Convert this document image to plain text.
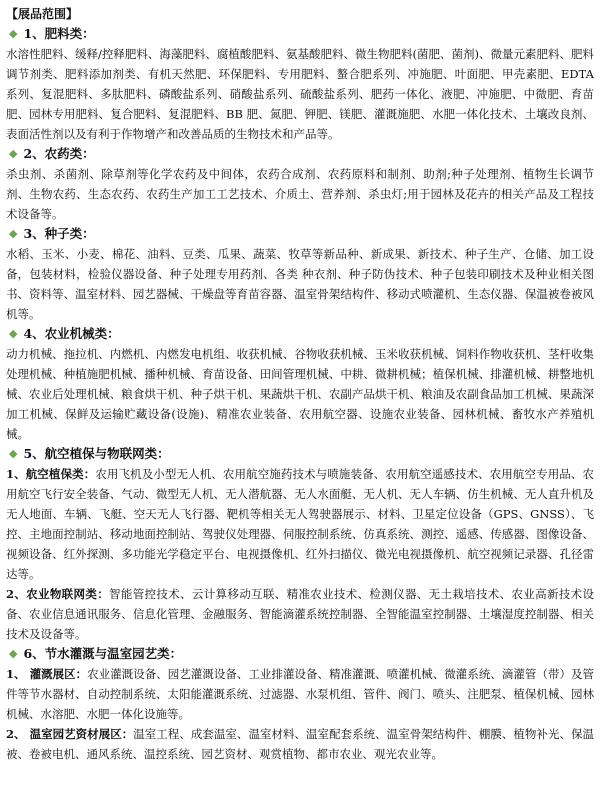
【展品范围】

◆ 1、肥料类：

水溶性肥料、缓释/控释肥料、海藻肥料、腐植酸肥料、氨基酸肥料、微生物肥料(菌肥、菌剂)、微量元素肥料、肥料调节剂类、肥料添加剂类、有机天然肥、环保肥料、专用肥料、螯合肥系列、冲施肥、叶面肥、甲壳素肥、EDTA 系列、复混肥料、多肽肥料、磷酸盐系列、硝酸盐系列、硫酸盐系列、肥药一体化、液肥、冲施肥、中微肥、育苗肥、园林专用肥料、复合肥料、复混肥料、BB 肥、氮肥、钾肥、镁肥、灌溉施肥、水肥一体化技术、土壤改良剂、表面活性剂以及有利于作物增产和改善品质的生物技术和产品等。

◆ 2、农药类：

杀虫剂、杀菌剂、除草剂等化学农药及中间体，农药合成剂、农药原料和制剂、助剂;种子处理剂、植物生长调节剂、生物农药、生态农药、农药生产加工工艺技术、介质土、营养剂、杀虫灯;用于园林及花卉的相关产品及工程技术设备等。

◆ 3、种子类：

水稻、玉米、小麦、棉花、油料、豆类、瓜果、蔬菜、牧草等新品种、新成果、新技术、种子生产、仓储、加工设备，包装材料，检验仪器设备、种子处理专用药剂、各类 种衣剂、种子防伪技术、种子包装印刷技术及种业相关图书、资料等、温室材料、园艺器械、干燥盘等育苗容器、温室骨架结构件、移动式喷灌机、生态仪器、保温被卷被风机等。

◆ 4、农业机械类：

动力机械、拖拉机、内燃机、内燃发电机组、收获机械、谷物收获机械、玉米收获机械、饲料作物收获机、茎杆收集处理机械、种植施肥机械、播种机械、育苗设备、田间管理机械、中耕、微耕机械；植保机械、排灌机械、耕整地机械、农业后处理机械、粮食烘干机、种子烘干机、果蔬烘干机、农副产品烘干机、粮油及农副食品加工机械、果蔬深加工机械、保鲜及运输贮藏设备(设施)、精准农业装备、农用航空器、设施农业装备、园林机械、畜牧水产养殖机械。

◆ 5、航空植保与物联网类：

1、航空植保类：农用飞机及小型无人机、农用航空施药技术与喷施装备、农用航空遥感技术、农用航空专用品、农用航空飞行安全装备、气动、微型无人机、无人潜航器、无人水面艇、无人机、无人车辆、仿生机械、无人直升机及无人地面、车辆、飞艇、空天无人飞行器、靶机等相关无人驾驶器展示、材料、卫星定位设备（GPS、GNSS）、飞控、主地面控制站、移动地面控制站、驾驶仪处理器、伺服控制系统、仿真系统、测控、遥感、传感器、图像设备、视频设备、红外探测、多功能光学稳定平台、电视摄像机、红外扫描仪、微光电视摄像机、航空视频记录器、孔径雷达等。

2、农业物联网类：智能管控技术、云计算移动互联、精准农业技术、检测仪器、无土栽培技术、农业高新技术设备、农业信息通讯服务、信息化管理、金融服务、智能滴灌系统控制器、全智能温室控制器、土壤湿度控制器、相关技术及设备等。

◆ 6、节水灌溉与温室园艺类：

1、 灌溉展区：农业灌溉设备、园艺灌溉设备、工业排灌设备、精准灌溉、喷灌机械、微灌系统、滴灌管（带）及管件等节水器材、自动控制系统、太阳能灌溉系统、过滤器、水泵机组、管件、阀门、喷头、注肥泵、植保机械、园林机械、水溶肥、水肥一体化设施等。

2、 温室园艺资材展区：温室工程、成套温室、温室材料、温室配套系统、温室骨架结构件、棚膜、植物补光、保温被、卷被电机、通风系统、温控系统、园艺资材、观赏植物、都市农业、观光农业等。
